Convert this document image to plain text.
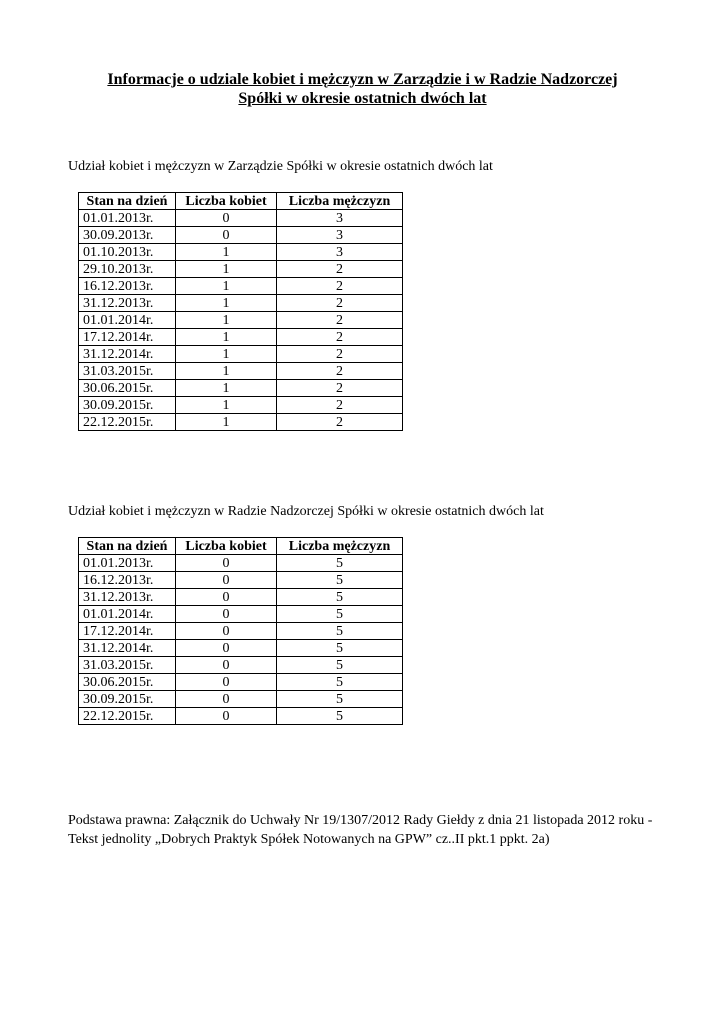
Informacje o udziale kobiet i mężczyzn w Zarządzie i w Radzie Nadzorczej
Spółki w okresie ostatnich dwóch lat
Udział kobiet i mężczyzn w Zarządzie Spółki w okresie ostatnich dwóch lat
Stan na dzień	Liczba kobiet	Liczba mężczyzn
01.01.2013r.	0	3
30.09.2013r.	0	3
01.10.2013r.	1	3
29.10.2013r.	1	2
16.12.2013r.	1	2
31.12.2013r.	1	2
01.01.2014r.	1	2
17.12.2014r.	1	2
31.12.2014r.	1	2
31.03.2015r.	1	2
30.06.2015r.	1	2
30.09.2015r.	1	2
22.12.2015r.	1	2
Udział kobiet i mężczyzn w Radzie Nadzorczej Spółki w okresie ostatnich dwóch lat
Stan na dzień	Liczba kobiet	Liczba mężczyzn
01.01.2013r.	0	5
16.12.2013r.	0	5
31.12.2013r.	0	5
01.01.2014r.	0	5
17.12.2014r.	0	5
31.12.2014r.	0	5
31.03.2015r.	0	5
30.06.2015r.	0	5
30.09.2015r.	0	5
22.12.2015r.	0	5
Podstawa prawna: Załącznik do Uchwały Nr 19/1307/2012 Rady Giełdy z dnia 21 listopada 2012 roku - Tekst jednolity „Dobrych Praktyk Spółek Notowanych na GPW” cz..II pkt.1 ppkt. 2a)
